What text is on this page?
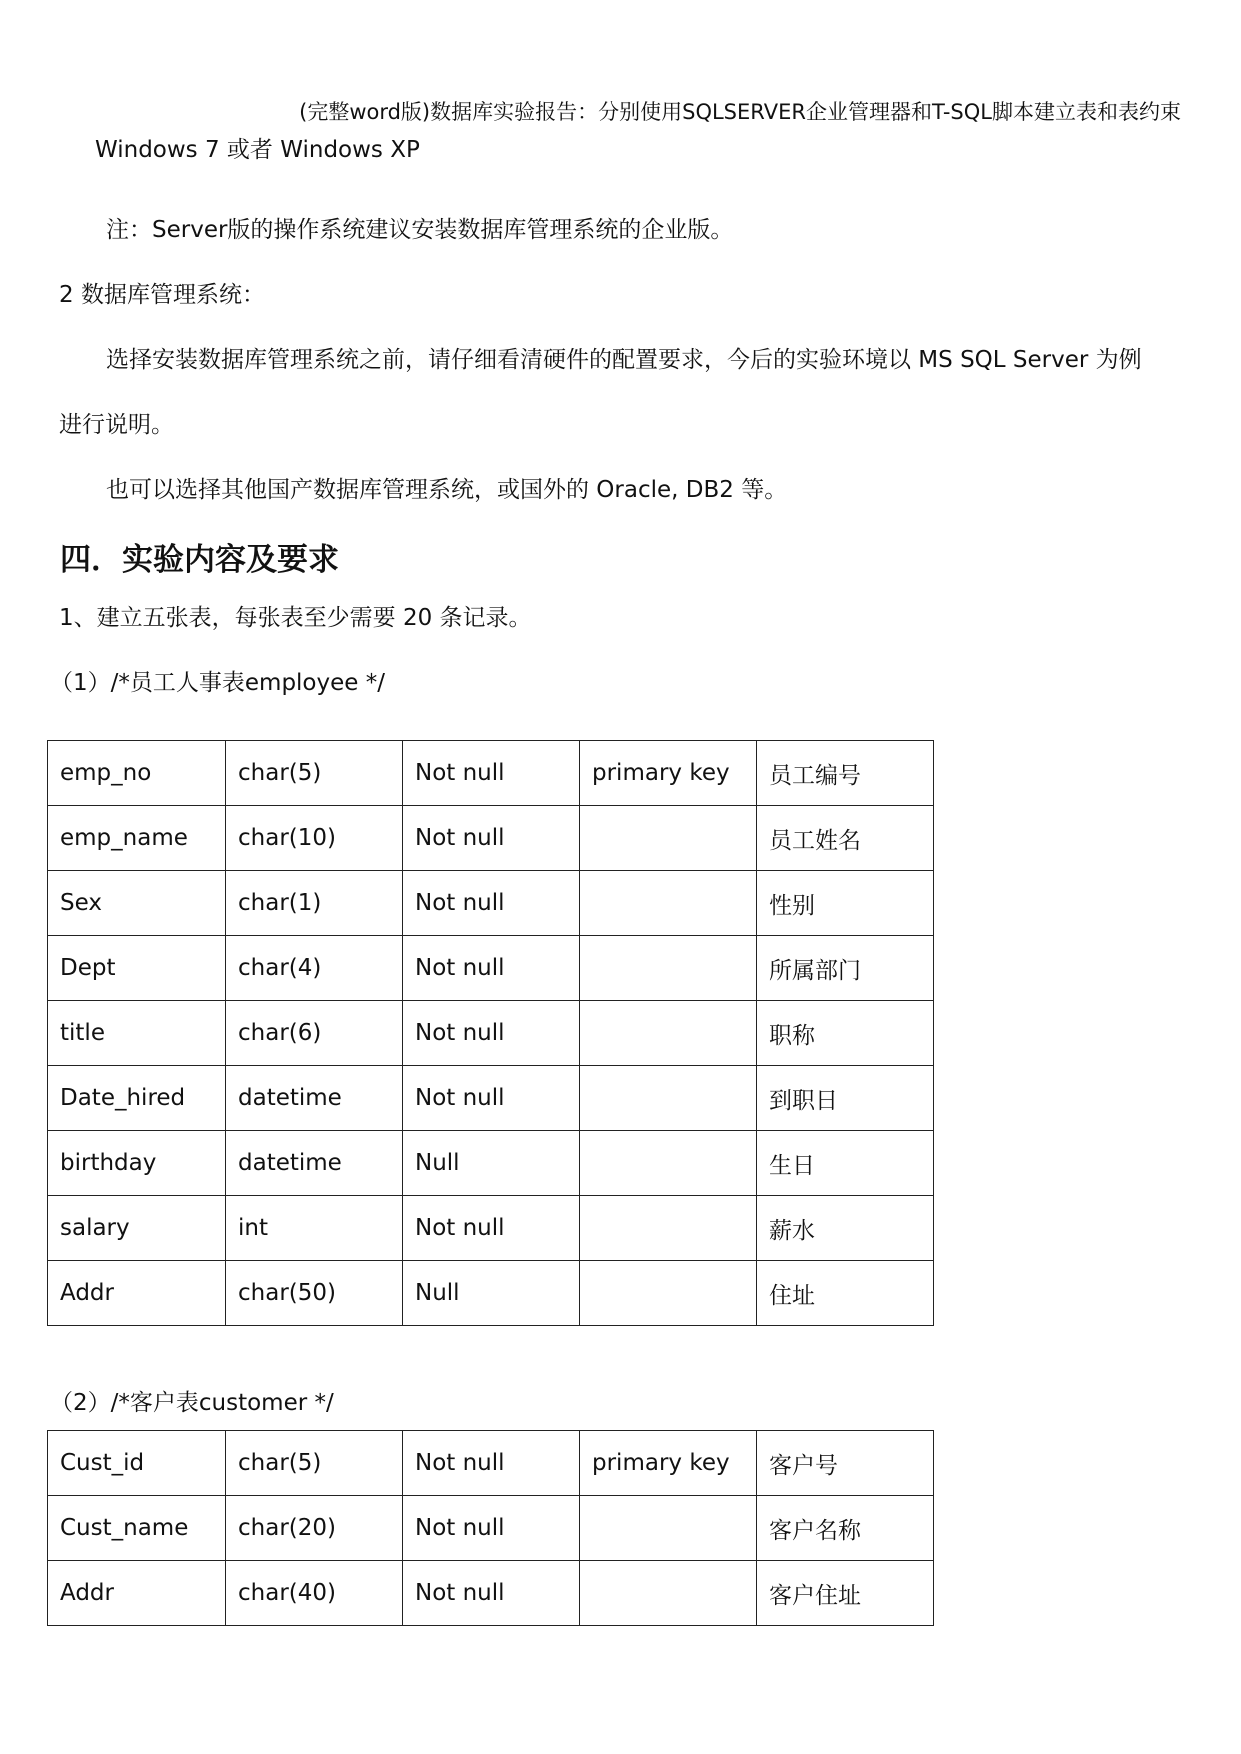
(完整word版)数据库实验报告：分别使用SQLSERVER企业管理器和T-SQL脚本建立表和表约束
Windows 7 或者 Windows XP
注：Server版的操作系统建议安装数据库管理系统的企业版。
2 数据库管理系统：
选择安装数据库管理系统之前，请仔细看清硬件的配置要求，今后的实验环境以 MS SQL Server 为例
进行说明。
也可以选择其他国产数据库管理系统，或国外的 Oracle, DB2 等。
四．实验内容及要求
1、建立五张表，每张表至少需要 20 条记录。
（1）/*员工人事表employee */
emp_no	char(5)	Not null	primary key	员工编号
emp_name	char(10)	Not null		员工姓名
Sex	char(1)	Not null		性别
Dept	char(4)	Not null		所属部门
title	char(6)	Not null		职称
Date_hired	datetime	Not null		到职日
birthday	datetime	Null		生日
salary	int	Not null		薪水
Addr	char(50)	Null		住址
（2）/*客户表customer */
Cust_id	char(5)	Not null	primary key	客户号
Cust_name	char(20)	Not null		客户名称
Addr	char(40)	Not null		客户住址
